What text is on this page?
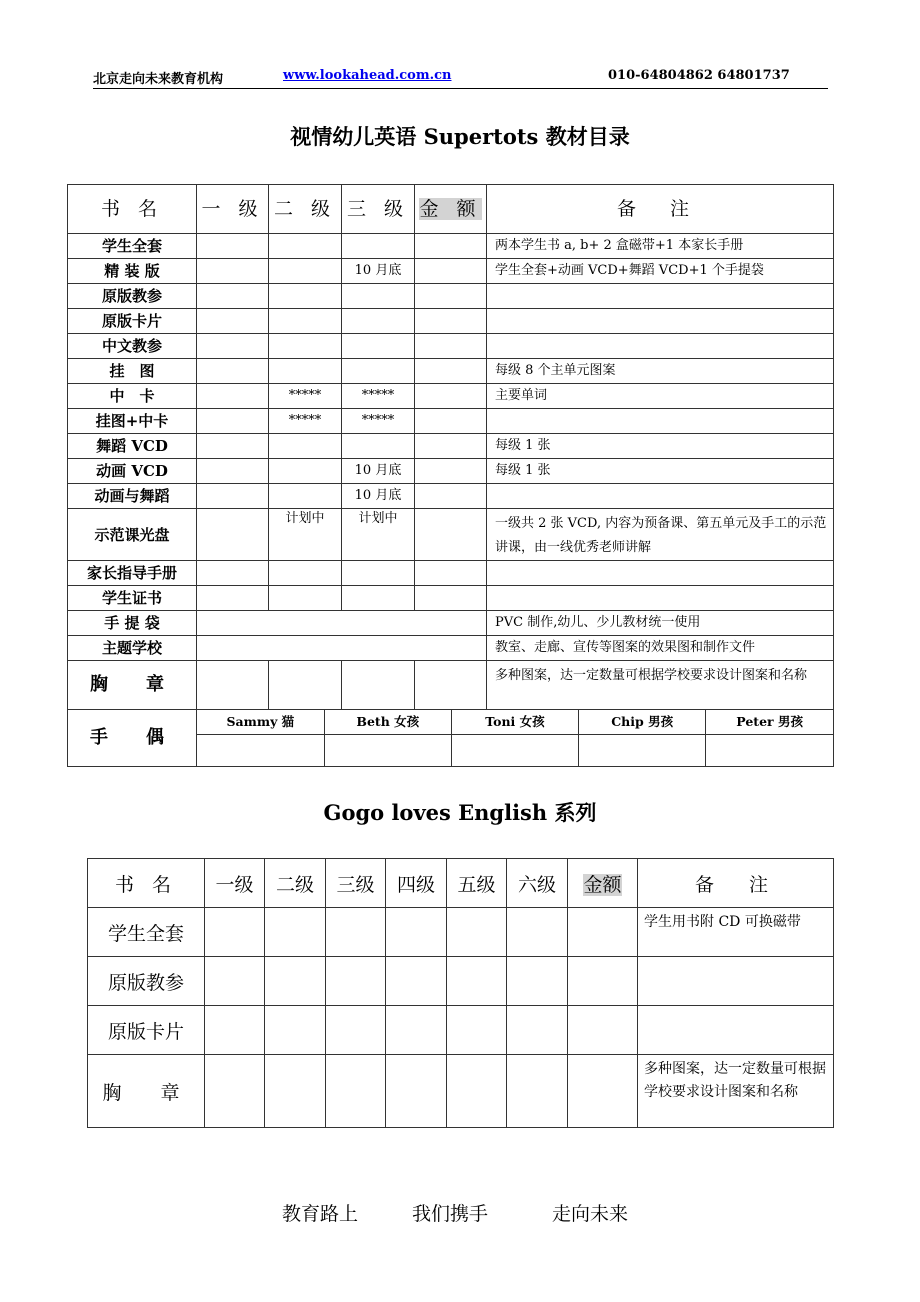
北京走向未来教育机构	www.lookahead.com.cn	010-64804862 64801737
视情幼儿英语 Supertots 教材目录
书 名	一 级	二 级	三 级	金 额	备 注
学生全套					两本学生书 a, b+ 2 盒磁带+1 本家长手册
精 装 版			10 月底		学生全套+动画 VCD+舞蹈 VCD+1 个手提袋
原版教参					
原版卡片					
中文教参					
挂　图					每级 8 个主单元图案
中　卡		*****	*****		主要单词
挂图+中卡		*****	*****		
舞蹈 VCD					每级 1 张
动画 VCD			10 月底		每级 1 张
动画与舞蹈			10 月底		
示范课光盘		计划中	计划中		一级共 2 张 VCD, 内容为预备课、第五单元及手工的示范讲课，由一线优秀老师讲解
家长指导手册					
学生证书					
手 提 袋		PVC 制作,幼儿、少儿教材统一使用
主题学校		教室、走廊、宣传等图案的效果图和制作文件
胸　章					多种图案，达一定数量可根据学校要求设计图案和名称
手　偶	
Sammy 猫	Beth 女孩	Toni 女孩	Chip 男孩	Peter 男孩

Gogo loves English 系列
书 名	一级	二级	三级	四级	五级	六级	金额	备　注
学生全套								学生用书附 CD 可换磁带
原版教参								
原版卡片								
胸　章								多种图案，达一定数量可根据学校要求设计图案和名称
教育路上	我们携手	走向未来
